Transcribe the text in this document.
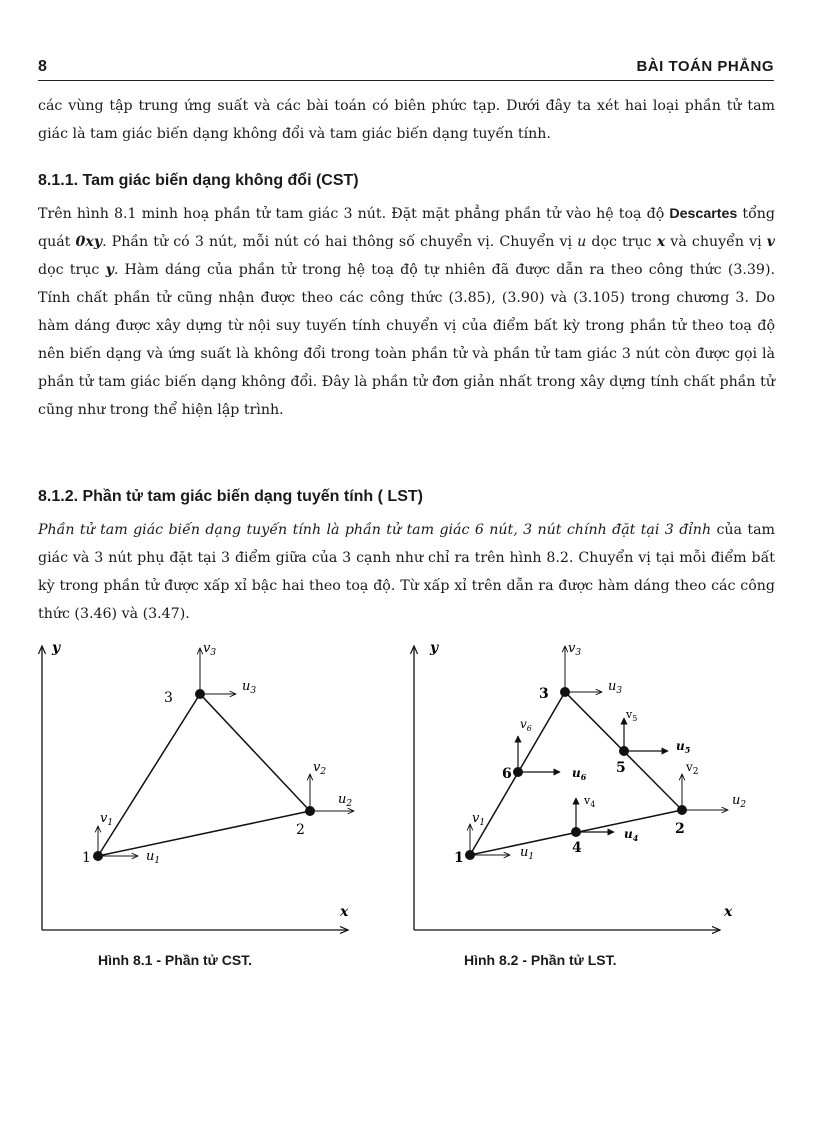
8	BÀI TOÁN PHẲNG

các vùng tập trung ứng suất và các bài toán có biên phức tạp. Dưới đây ta xét hai loại phần tử tam giác là tam giác biến dạng không đổi và tam giác biến dạng tuyến tính.

8.1.1. Tam giác biến dạng không đổi (CST)

Trên hình 8.1 minh hoạ phần tử tam giác 3 nút. Đặt mặt phẳng phần tử vào hệ toạ độ Descartes tổng quát 0xy. Phần tử có 3 nút, mỗi nút có hai thông số chuyển vị. Chuyển vị u dọc trục x và chuyển vị v dọc trục y. Hàm dáng của phần tử trong hệ toạ độ tự nhiên đã được dẫn ra theo công thức (3.39). Tính chất phần tử cũng nhận được theo các công thức (3.85), (3.90) và (3.105) trong chương 3. Do hàm dáng được xây dựng từ nội suy tuyến tính chuyển vị của điểm bất kỳ trong phần tử theo toạ độ nên biến dạng và ứng suất là không đổi trong toàn phần tử và phần tử tam giác 3 nút còn được gọi là phần tử tam giác biến dạng không đổi. Đây là phần tử đơn giản nhất trong xây dựng tính chất phần tử cũng như trong thể hiện lập trình.

8.1.2. Phần tử tam giác biến dạng tuyến tính ( LST)

Phần tử tam giác biến dạng tuyến tính là phần tử tam giác 6 nút, 3 nút chính đặt tại 3 đỉnh của tam giác và 3 nút phụ đặt tại 3 điểm giữa của 3 cạnh như chỉ ra trên hình 8.2. Chuyển vị tại mỗi điểm bất kỳ trong phần tử được xấp xỉ bậc hai theo toạ độ. Từ xấp xỉ trên dẫn ra được hàm dáng theo các công thức (3.46) và (3.47).

y
x
1
$v_1$
$u_1$
2
$v_2$
$u_2$
3
$v_3$
$u_3$
Hình 8.1 - Phần tử CST.
y
x
1
$v_1$
$u_1$
2
$v_2$
$u_2$
3
$v_3$
$u_3$
4
$v_4$
$u_4$
5
$v_5$
$u_5$
6
$v_6$
$u_6$
Hình 8.2 - Phần tử LST.
